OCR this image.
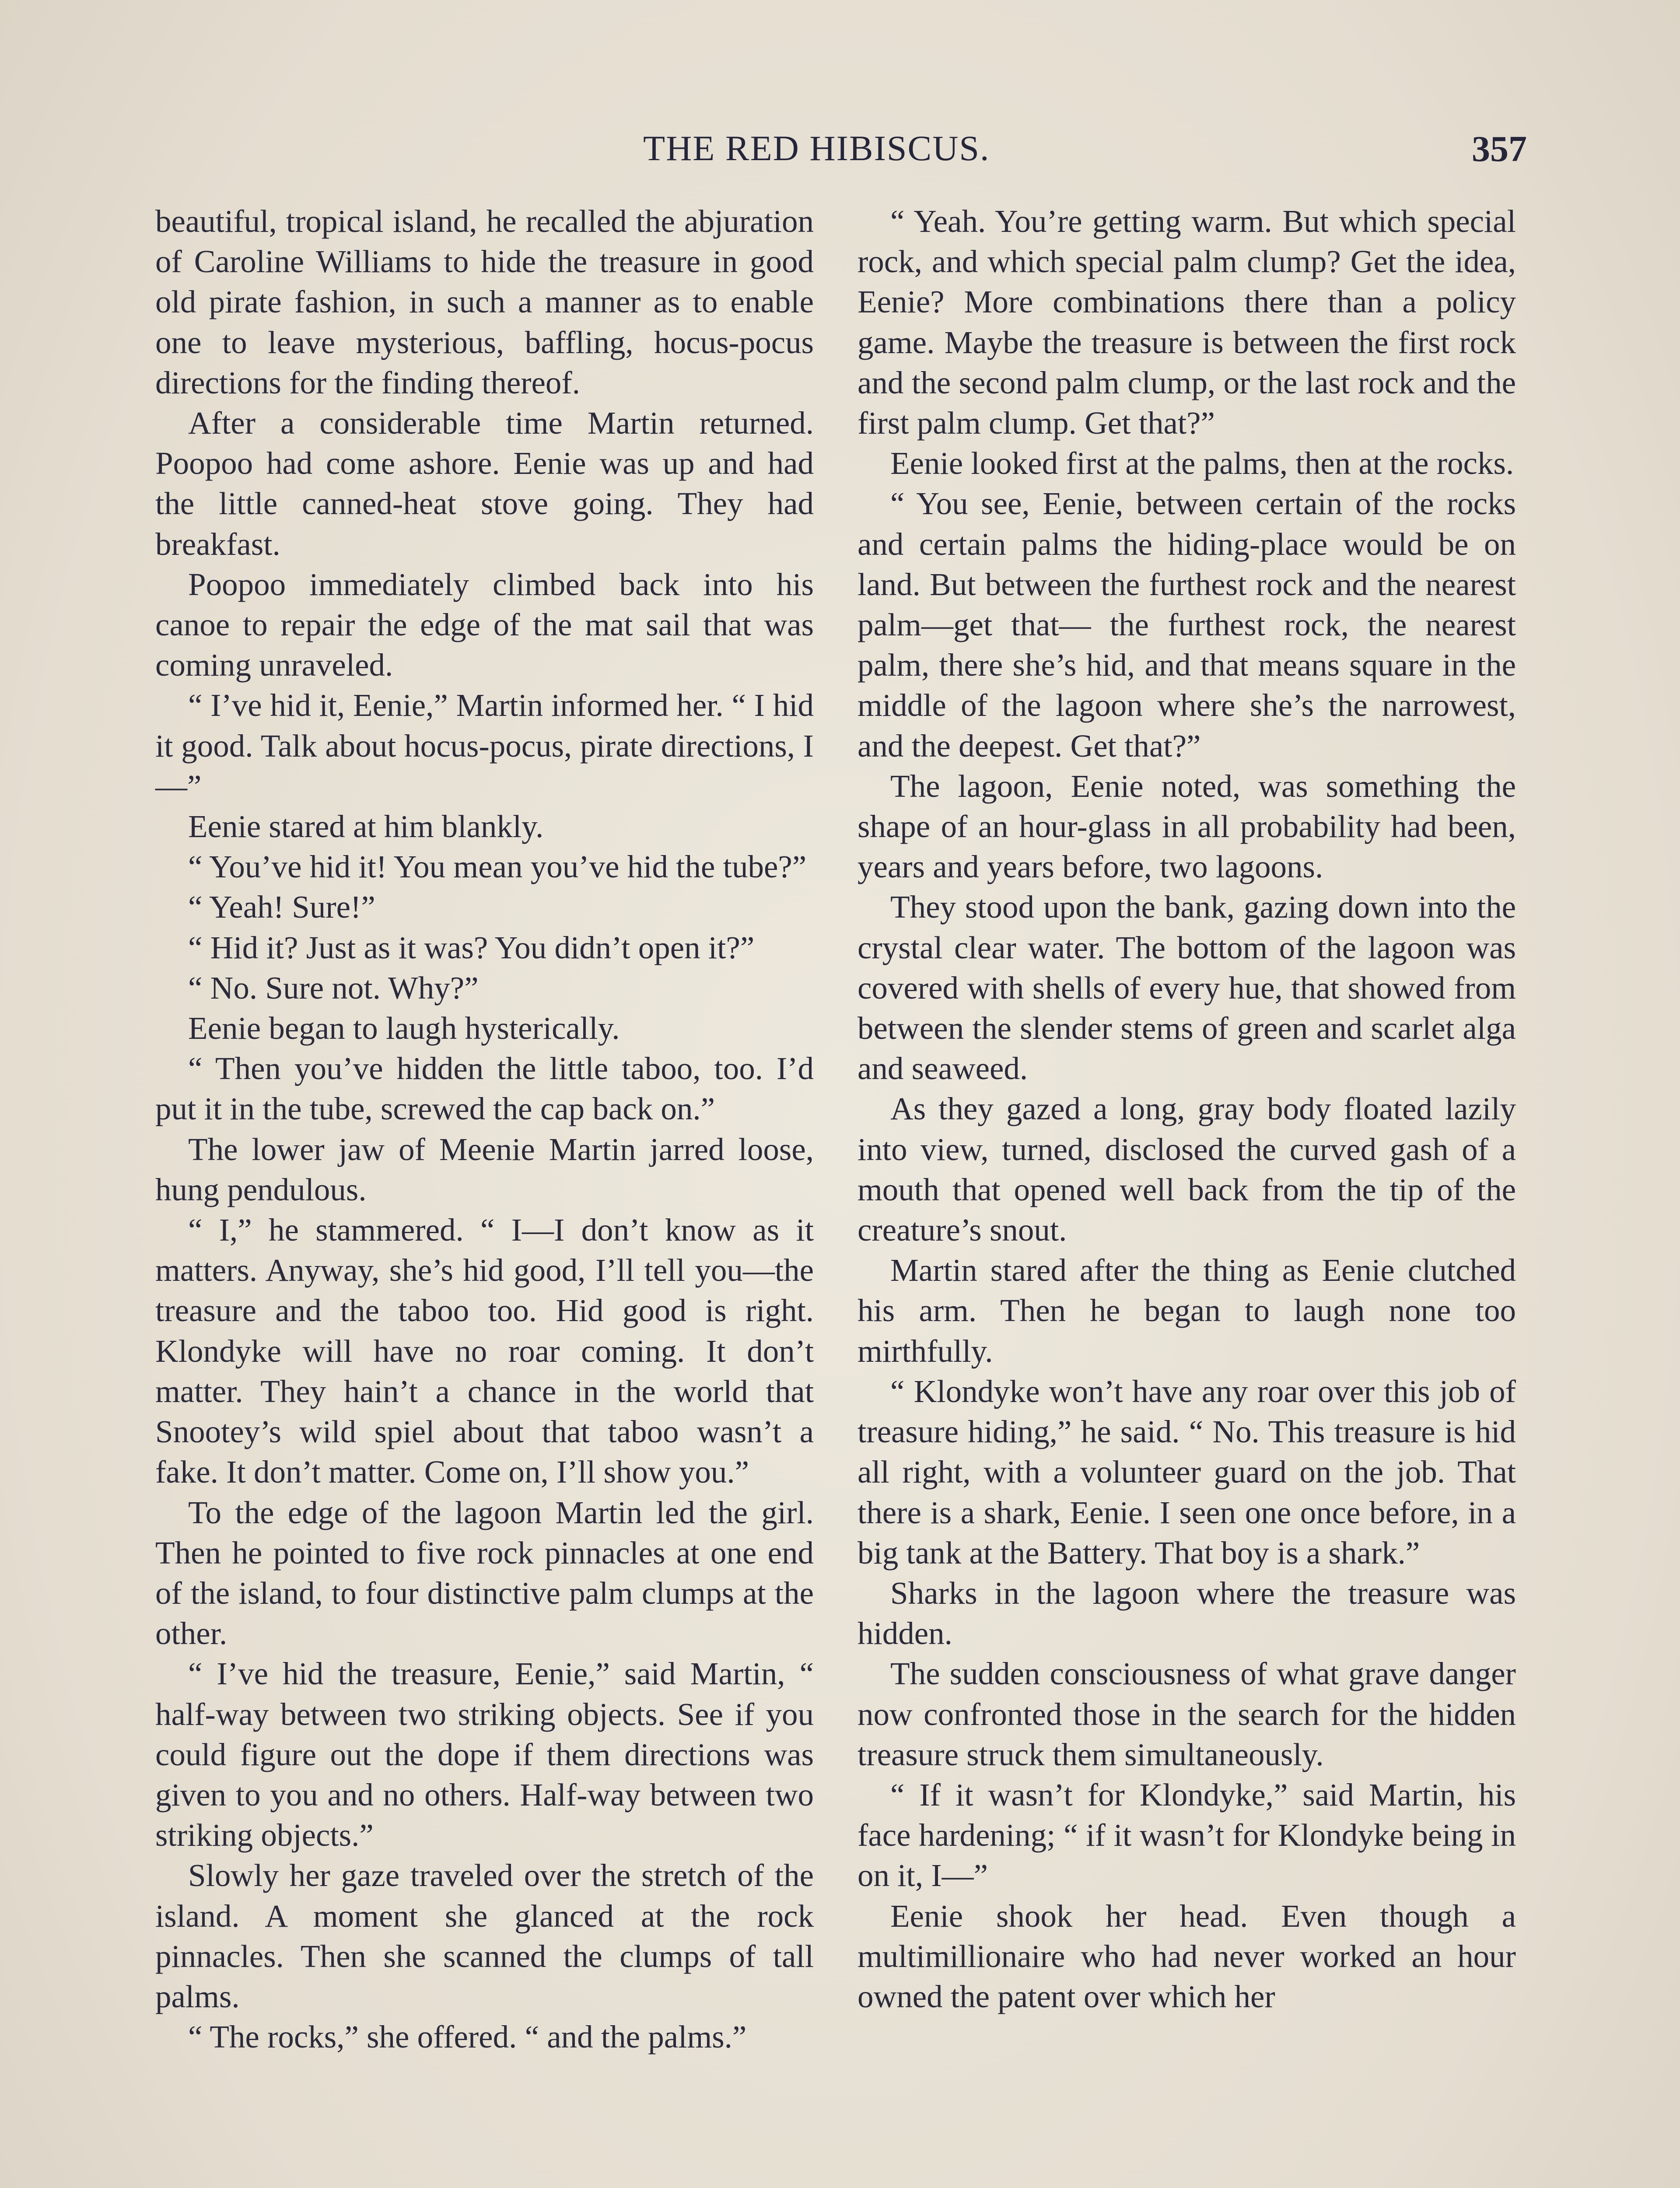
THE RED HIBISCUS.	357

beautiful, tropical island, he recalled the abjuration of Caroline Williams to hide the treasure in good old pirate fashion, in such a manner as to enable one to leave mysterious, baffling, hocus-pocus directions for the finding thereof.

After a considerable time Martin returned. Poopoo had come ashore. Eenie was up and had the little canned-heat stove going. They had breakfast.

Poopoo immediately climbed back into his canoe to repair the edge of the mat sail that was coming unraveled.

“ I’ve hid it, Eenie,” Martin informed her. “ I hid it good. Talk about hocus-pocus, pirate directions, I—”

Eenie stared at him blankly.

“ You’ve hid it! You mean you’ve hid the tube?”

“ Yeah! Sure!”

“ Hid it? Just as it was? You didn’t open it?”

“ No. Sure not. Why?”

Eenie began to laugh hysterically.

“ Then you’ve hidden the little taboo, too. I’d put it in the tube, screwed the cap back on.”

The lower jaw of Meenie Martin jarred loose, hung pendulous.

“ I,” he stammered. “ I—I don’t know as it matters. Anyway, she’s hid good, I’ll tell you—the treasure and the taboo too. Hid good is right. Klondyke will have no roar coming. It don’t matter. They hain’t a chance in the world that Snootey’s wild spiel about that taboo wasn’t a fake. It don’t matter. Come on, I’ll show you.”

To the edge of the lagoon Martin led the girl. Then he pointed to five rock pinnacles at one end of the island, to four distinctive palm clumps at the other.

“ I’ve hid the treasure, Eenie,” said Martin, “ half-way between two striking objects. See if you could figure out the dope if them directions was given to you and no others. Half-way between two striking objects.”

Slowly her gaze traveled over the stretch of the island. A moment she glanced at the rock pinnacles. Then she scanned the clumps of tall palms.

“ The rocks,” she offered. “ and the palms.”

“ Yeah. You’re getting warm. But which special rock, and which special palm clump? Get the idea, Eenie? More combinations there than a policy game. Maybe the treasure is between the first rock and the second palm clump, or the last rock and the first palm clump. Get that?”

Eenie looked first at the palms, then at the rocks.

“ You see, Eenie, between certain of the rocks and certain palms the hiding-place would be on land. But between the furthest rock and the nearest palm—get that— the furthest rock, the nearest palm, there she’s hid, and that means square in the middle of the lagoon where she’s the narrowest, and the deepest. Get that?”

The lagoon, Eenie noted, was something the shape of an hour-glass in all probability had been, years and years before, two lagoons.

They stood upon the bank, gazing down into the crystal clear water. The bottom of the lagoon was covered with shells of every hue, that showed from between the slender stems of green and scarlet alga and seaweed.

As they gazed a long, gray body floated lazily into view, turned, disclosed the curved gash of a mouth that opened well back from the tip of the creature’s snout.

Martin stared after the thing as Eenie clutched his arm. Then he began to laugh none too mirthfully.

“ Klondyke won’t have any roar over this job of treasure hiding,” he said. “ No. This treasure is hid all right, with a volunteer guard on the job. That there is a shark, Eenie. I seen one once before, in a big tank at the Battery. That boy is a shark.”

Sharks in the lagoon where the treasure was hidden.

The sudden consciousness of what grave danger now confronted those in the search for the hidden treasure struck them simultaneously.

“ If it wasn’t for Klondyke,” said Martin, his face hardening; “ if it wasn’t for Klondyke being in on it, I—”

Eenie shook her head. Even though a multimillionaire who had never worked an hour owned the patent over which her
